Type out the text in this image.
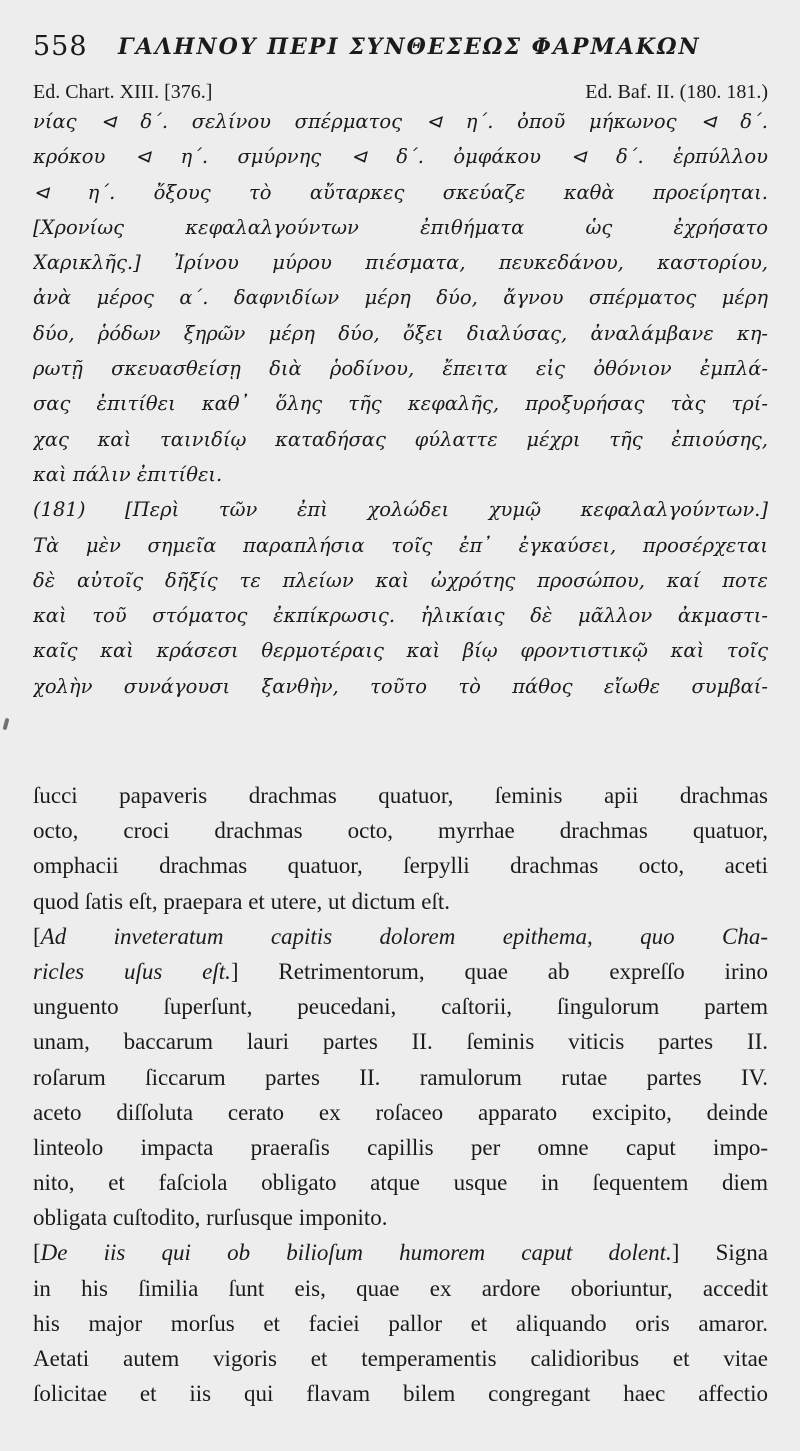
558 ΓΑΛΗΝΟΥ ΠΕΡΙ ΣΥΝΘΕΣΕΩΣ ΦΑΡΜΑΚΩΝ
Ed. Chart. XIII. [376.]	Ed. Baf. II. (180. 181.)
νίας ⊲ δ΄. σελίνου σπέρματος ⊲ η΄. ὀποῦ μήκωνος ⊲ δ΄.
κρόκου ⊲ η΄. σμύρνης ⊲ δ΄. ὀμφάκου ⊲ δ΄. ἑρπύλλου
⊲ η΄. ὄξους τὸ αὔταρκες σκεύαζε καθὰ προείρηται.
[Χρονίως κεφαλαλγούντων ἐπιθήματα ὡς ἐχρήσατο
Χαρικλῆς.] Ἰρίνου μύρου πιέσματα, πευκεδάνου, καστορίου,
ἀνὰ μέρος α΄. δαφνιδίων μέρη δύο, ἄγνου σπέρματος μέρη
δύο, ῥόδων ξηρῶν μέρη δύο, ὄξει διαλύσας, ἀναλάμβανε κη-
ρωτῇ σκευασθείσῃ διὰ ῥοδίνου, ἔπειτα εἰς ὀθόνιον ἐμπλά-
σας ἐπιτίθει καθ᾽ ὅλης τῆς κεφαλῆς, προξυρήσας τὰς τρί-
χας καὶ ταινιδίῳ καταδήσας φύλαττε μέχρι τῆς ἐπιούσης,
καὶ πάλιν ἐπιτίθει.
(181) [Περὶ τῶν ἐπὶ χολώδει χυμῷ κεφαλαλγούντων.]
Τὰ μὲν σημεῖα παραπλήσια τοῖς ἐπ᾽ ἐγκαύσει, προσέρχεται
δὲ αὐτοῖς δῆξίς τε πλείων καὶ ὠχρότης προσώπου, καί ποτε
καὶ τοῦ στόματος ἐκπίκρωσις. ἡλικίαις δὲ μᾶλλον ἀκμαστι-
καῖς καὶ κράσεσι θερμοτέραις καὶ βίῳ φροντιστικῷ καὶ τοῖς
χολὴν συνάγουσι ξανθὴν, τοῦτο τὸ πάθος εἴωθε συμβαί-
ſucci papaveris drachmas quatuor, ſeminis apii drachmas
octo, croci drachmas octo, myrrhae drachmas quatuor,
omphacii drachmas quatuor, ſerpylli drachmas octo, aceti
quod ſatis eſt, praepara et utere, ut dictum eſt.
[Ad inveteratum capitis dolorem epithema, quo Cha-
ricles uſus eſt.] Retrimentorum, quae ab expreſſo irino
unguento ſuperſunt, peucedani, caſtorii, ſingulorum partem
unam, baccarum lauri partes II. ſeminis viticis partes II.
roſarum ſiccarum partes II. ramulorum rutae partes IV.
aceto diſſoluta cerato ex roſaceo apparato excipito, deinde
linteolo impacta praeraſis capillis per omne caput impo-
nito, et faſciola obligato atque usque in ſequentem diem
obligata cuſtodito, rurſusque imponito.
[De iis qui ob bilioſum humorem caput dolent.] Signa
in his ſimilia ſunt eis, quae ex ardore oboriuntur, accedit
his major morſus et faciei pallor et aliquando oris amaror.
Aetati autem vigoris et temperamentis calidioribus et vitae
ſolicitae et iis qui flavam bilem congregant haec affectio
